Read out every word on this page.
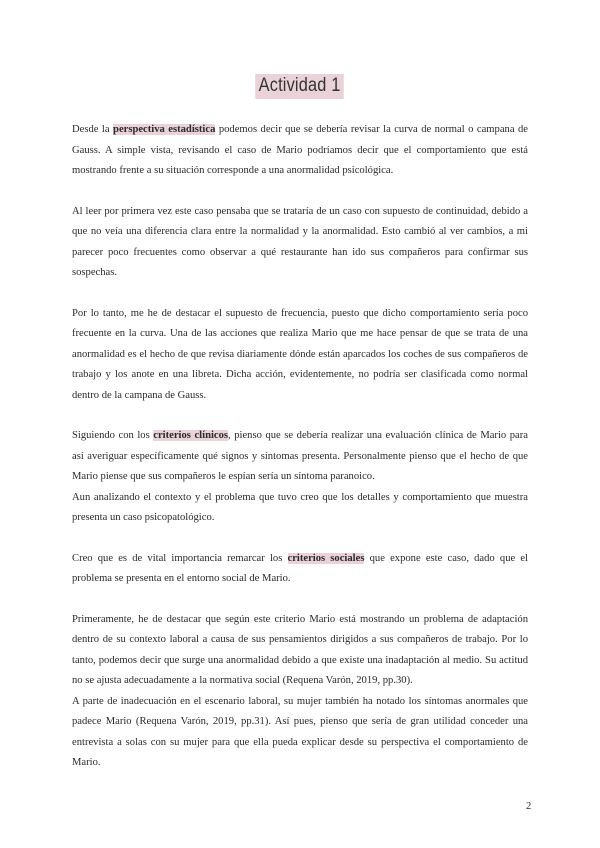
Actividad 1

Desde la perspectiva estadística podemos decir que se debería revisar la curva de normal o campana de Gauss. A simple vista, revisando el caso de Mario podríamos decir que el comportamiento que está mostrando frente a su situación corresponde a una anormalidad psicológica.

Al leer por primera vez este caso pensaba que se trataría de un caso con supuesto de continuidad, debido a que no veía una diferencia clara entre la normalidad y la anormalidad. Esto cambió al ver cambios, a mi parecer poco frecuentes como observar a qué restaurante han ido sus compañeros para confirmar sus sospechas.

Por lo tanto, me he de destacar el supuesto de frecuencia, puesto que dicho comportamiento sería poco frecuente en la curva. Una de las acciones que realiza Mario que me hace pensar de que se trata de una anormalidad es el hecho de que revisa diariamente dónde están aparcados los coches de sus compañeros de trabajo y los anote en una libreta. Dicha acción, evidentemente, no podría ser clasificada como normal dentro de la campana de Gauss.

Siguiendo con los criterios clínicos, pienso que se debería realizar una evaluación clínica de Mario para así averiguar específicamente qué signos y síntomas presenta. Personalmente pienso que el hecho de que Mario piense que sus compañeros le espían sería un síntoma paranoico.

Aun analizando el contexto y el problema que tuvo creo que los detalles y comportamiento que muestra presenta un caso psicopatológico.

Creo que es de vital importancia remarcar los criterios sociales que expone este caso, dado que el problema se presenta en el entorno social de Mario.

Primeramente, he de destacar que según este criterio Mario está mostrando un problema de adaptación dentro de su contexto laboral a causa de sus pensamientos dirigidos a sus compañeros de trabajo. Por lo tanto, podemos decir que surge una anormalidad debido a que existe una inadaptación al medio. Su actitud no se ajusta adecuadamente a la normativa social (Requena Varón, 2019, pp.30).

A parte de inadecuación en el escenario laboral, su mujer también ha notado los síntomas anormales que padece Mario (Requena Varón, 2019, pp.31). Así pues, pienso que sería de gran utilidad conceder una entrevista a solas con su mujer para que ella pueda explicar desde su perspectiva el comportamiento de Mario.

2
